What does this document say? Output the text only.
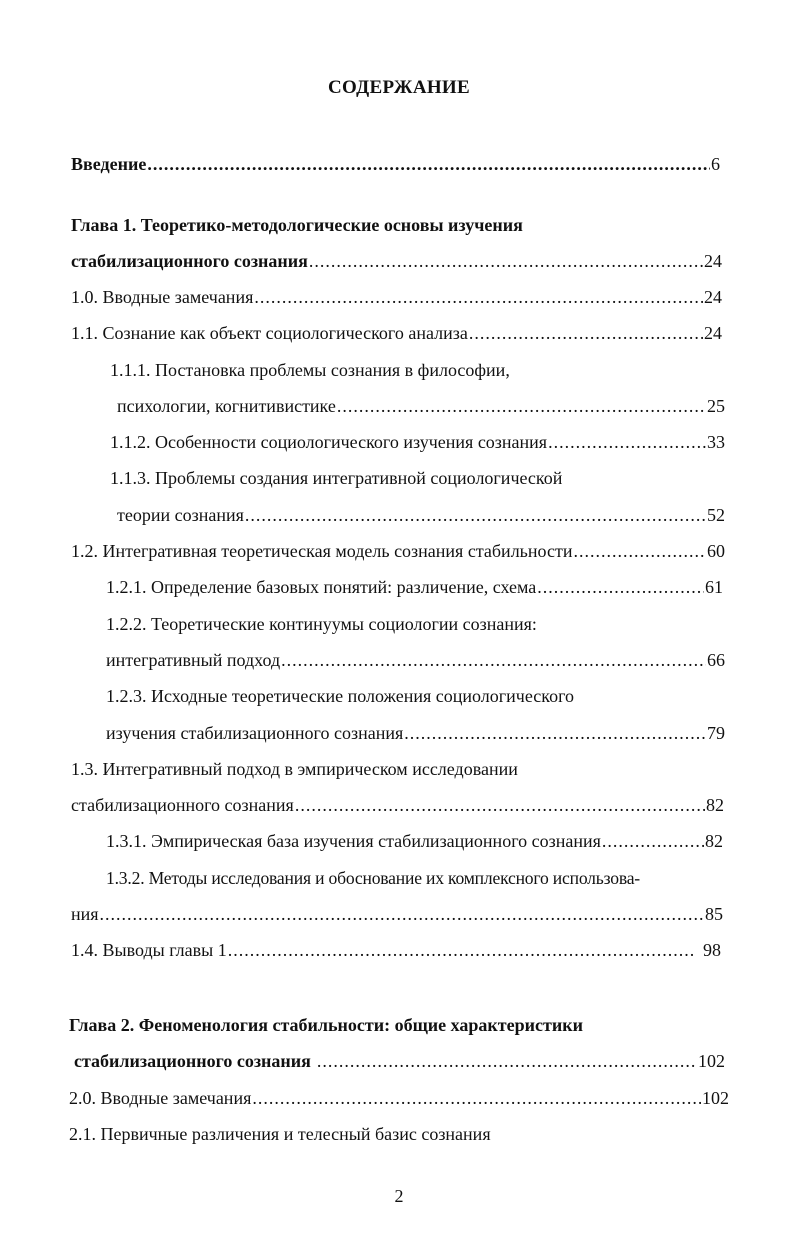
СОДЕРЖАНИЕ
Введение .....	6
Глава 1. Теоретико-методологические основы изучения
стабилизационного сознания .....	24
1.0. Вводные замечания .....	24
1.1. Сознание как объект социологического анализа .....	24
1.1.1. Постановка проблемы сознания в философии,
психологии, когнитивистике .....	25
1.1.2. Особенности социологического изучения сознания .....	33
1.1.3. Проблемы создания интегративной социологической
теории сознания .....	52
1.2. Интегративная теоретическая модель сознания стабильности .....	60
1.2.1. Определение базовых понятий: различение, схема .....	61
1.2.2. Теоретические континуумы социологии сознания:
интегративный подход .....	66
1.2.3. Исходные теоретические положения социологического
изучения стабилизационного сознания .....	79
1.3. Интегративный подход в эмпирическом исследовании
стабилизационного сознания .....	82
1.3.1. Эмпирическая база изучения стабилизационного сознания .....	82
1.3.2. Методы исследования и обоснование их комплексного использова-
ния .....	85
1.4. Выводы главы 1 .....	98
Глава 2. Феноменология стабильности: общие характеристики
стабилизационного сознания .....	102
2.0. Вводные замечания .....	102
2.1. Первичные различения и телесный базис сознания
2
